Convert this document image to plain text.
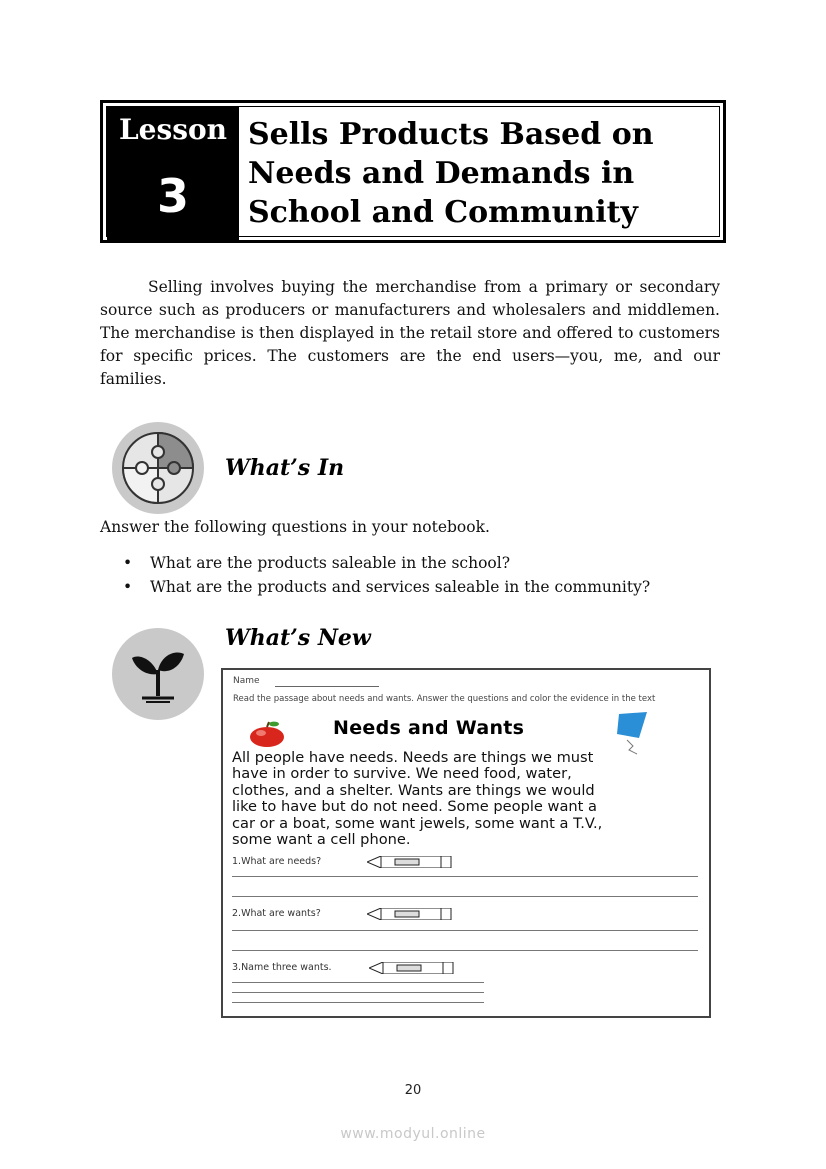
Lesson
3
Sells Products Based on
Needs and Demands in
School and Community

Selling involves buying the merchandise from a primary or secondary source such as producers or manufacturers and wholesalers and middlemen. The merchandise is then displayed in the retail store and offered to customers for specific prices. The customers are the end users—you, me, and our families.

What’s In
Answer the following questions in your notebook.
• What are the products saleable in the school?
• What are the products and services saleable in the community?
What’s New
Name
Read the passage about needs and wants. Answer the questions and color the evidence in the text
Needs and Wants
All people have needs. Needs are things we must
have in order to survive. We need food, water,
clothes, and a shelter. Wants are things we would
like to have but do not need. Some people want a
car or a boat, some want jewels, some want a T.V.,
some want a cell phone.
1.What are needs?
2.What are wants?
3.Name three wants.
20
www.modyul.online
